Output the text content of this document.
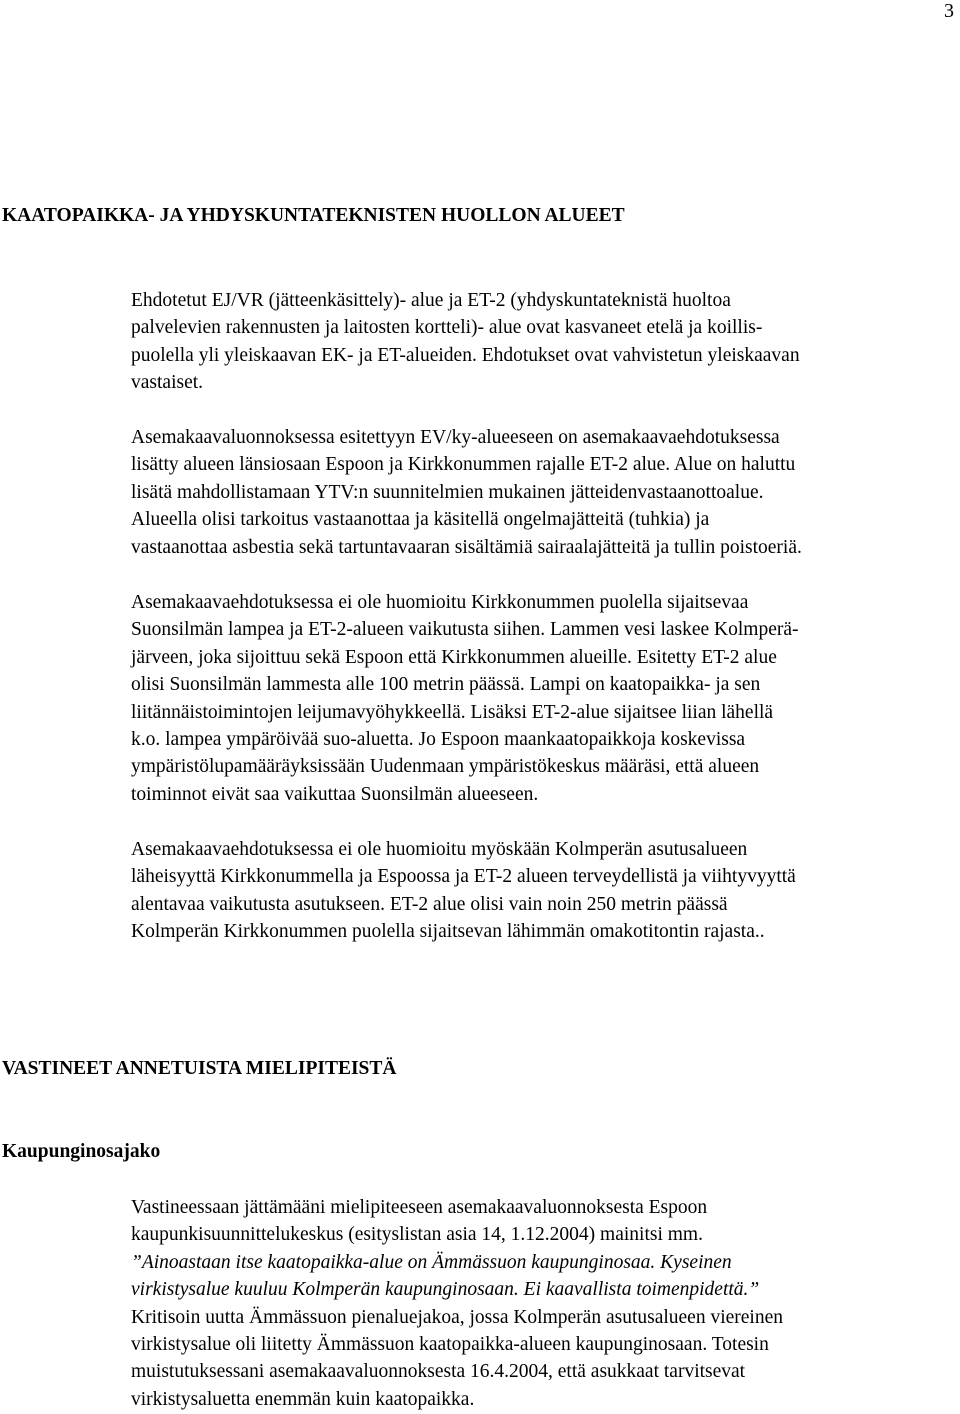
3
KAATOPAIKKA- JA YHDYSKUNTATEKNISTEN HUOLLON ALUEET

Ehdotetut EJ/VR (jätteenkäsittely)- alue ja ET-2 (yhdyskuntateknistä huoltoa
palvelevien rakennusten ja laitosten kortteli)- alue ovat kasvaneet etelä ja koillis-
puolella yli yleiskaavan EK- ja ET-alueiden. Ehdotukset ovat vahvistetun yleiskaavan
vastaiset.

Asemakaavaluonnoksessa esitettyyn EV/ky-alueeseen on asemakaavaehdotuksessa
lisätty alueen länsiosaan Espoon ja Kirkkonummen rajalle ET-2 alue. Alue on haluttu
lisätä mahdollistamaan YTV:n suunnitelmien mukainen jätteidenvastaanottoalue.
Alueella olisi tarkoitus vastaanottaa ja käsitellä ongelmajätteitä (tuhkia) ja
vastaanottaa asbestia sekä tartuntavaaran sisältämiä sairaalajätteitä ja tullin poistoeriä.

Asemakaavaehdotuksessa ei ole huomioitu Kirkkonummen puolella sijaitsevaa
Suonsilmän lampea ja ET-2-alueen vaikutusta siihen. Lammen vesi laskee Kolmperä-
järveen, joka sijoittuu sekä Espoon että Kirkkonummen alueille. Esitetty ET-2 alue
olisi Suonsilmän lammesta alle 100 metrin päässä. Lampi on kaatopaikka- ja sen
liitännäistoimintojen leijumavyöhykkeellä. Lisäksi ET-2-alue sijaitsee liian lähellä
k.o. lampea ympäröivää suo-aluetta. Jo Espoon maankaatopaikkoja koskevissa
ympäristölupamääräyksissään Uudenmaan ympäristökeskus määräsi, että alueen
toiminnot eivät saa vaikuttaa Suonsilmän alueeseen.

Asemakaavaehdotuksessa ei ole huomioitu myöskään Kolmperän asutusalueen
läheisyyttä Kirkkonummella ja Espoossa ja ET-2 alueen terveydellistä ja viihtyvyyttä
alentavaa vaikutusta asutukseen. ET-2 alue olisi vain noin 250 metrin päässä
Kolmperän Kirkkonummen puolella sijaitsevan lähimmän omakotitontin rajasta..

VASTINEET ANNETUISTA MIELIPITEISTÄ
Kaupunginosajako

Vastineessaan jättämääni mielipiteeseen asemakaavaluonnoksesta Espoon
kaupunkisuunnittelukeskus (esityslistan asia 14, 1.12.2004) mainitsi mm.
”Ainoastaan itse kaatopaikka-alue on Ämmässuon kaupunginosaa. Kyseinen
virkistysalue kuuluu Kolmperän kaupunginosaan. Ei kaavallista toimenpidettä.”
Kritisoin uutta Ämmässuon pienaluejakoa, jossa Kolmperän asutusalueen viereinen
virkistysalue oli liitetty Ämmässuon kaatopaikka-alueen kaupunginosaan. Totesin
muistutuksessani asemakaavaluonnoksesta 16.4.2004, että asukkaat tarvitsevat
virkistysaluetta enemmän kuin kaatopaikka.
